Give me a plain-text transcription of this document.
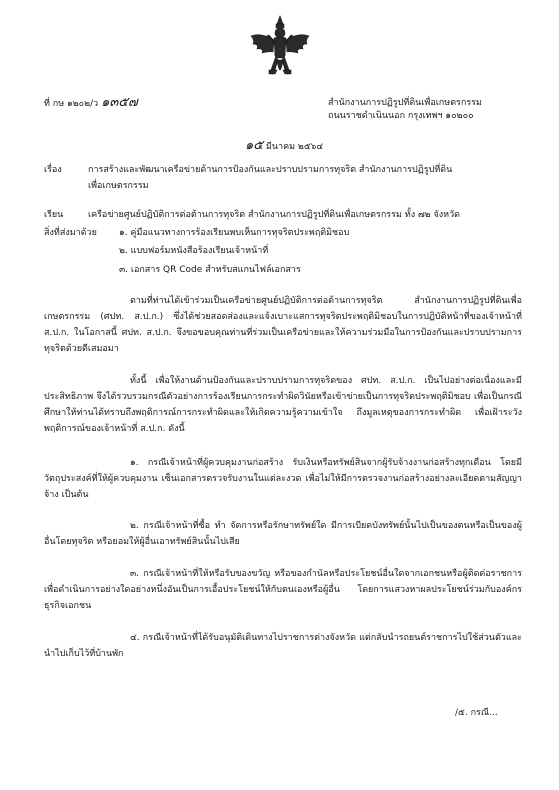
ที่ กษ ๑๒๐๒/ว ๑๓๕๗	สำนักงานการปฏิรูปที่ดินเพื่อเกษตรกรรม
ถนนราชดำเนินนอก กรุงเทพฯ ๑๐๒๐๐
๑๕ มีนาคม ๒๕๖๔
เรื่อง	การสร้างและพัฒนาเครือข่ายด้านการป้องกันและปราบปรามการทุจริต สำนักงานการปฏิรูปที่ดิน
เพื่อเกษตรกรรม
เรียน	เครือข่ายศูนย์ปฏิบัติการต่อต้านการทุจริต สำนักงานการปฏิรูปที่ดินเพื่อเกษตรกรรม ทั้ง ๗๒ จังหวัด
สิ่งที่ส่งมาด้วย ๑. คู่มือแนวทางการร้องเรียนพบเห็นการทุจริตประพฤติมิชอบ
๒. แบบฟอร์มหนังสือร้องเรียนเจ้าหน้าที่
๓. เอกสาร QR Code สำหรับสแกนไฟล์เอกสาร
ตามที่ท่านได้เข้าร่วมเป็นเครือข่ายศูนย์ปฏิบัติการต่อต้านการทุจริต สำนักงานการปฏิรูปที่ดินเพื่อเกษตรกรรม (ศปท. ส.ป.ก.) ซึ่งได้ช่วยสอดส่องและแจ้งเบาะแสการทุจริตประพฤติมิชอบในการปฏิบัติหน้าที่ของเจ้าหน้าที่ ส.ป.ก. ในโอกาสนี้ ศปท. ส.ป.ก. จึงขอขอบคุณท่านที่ร่วมเป็นเครือข่ายและให้ความร่วมมือในการป้องกันและปราบปรามการทุจริตด้วยดีเสมอมา
ทั้งนี้ เพื่อให้งานด้านป้องกันและปราบปรามการทุจริตของ ศปท. ส.ป.ก. เป็นไปอย่างต่อเนื่องและมีประสิทธิภาพ จึงได้รวบรวมกรณีตัวอย่างการร้องเรียนการกระทำผิดวินัยหรือเข้าข่ายเป็นการทุจริตประพฤติมิชอบ เพื่อเป็นกรณีศึกษาให้ท่านได้ทราบถึงพฤติการณ์การกระทำผิดและให้เกิดความรู้ความเข้าใจ ถึงมูลเหตุของการกระทำผิด เพื่อเฝ้าระวังพฤติการณ์ของเจ้าหน้าที่ ส.ป.ก. ดังนี้
๑. กรณีเจ้าหน้าที่ผู้ควบคุมงานก่อสร้าง รับเงินหรือทรัพย์สินจากผู้รับจ้างงานก่อสร้างทุกเดือน โดยมีวัตถุประสงค์ที่ให้ผู้ควบคุมงาน เซ็นเอกสารตรวจรับงานในแต่ละงวด เพื่อไม่ให้มีการตรวจงานก่อสร้างอย่างละเอียดตามสัญญาจ้าง เป็นต้น
๒. กรณีเจ้าหน้าที่ซื้อ ทำ จัดการหรือรักษาทรัพย์ใด มีการเบียดบังทรัพย์นั้นไปเป็นของตนหรือเป็นของผู้อื่นโดยทุจริต หรือยอมให้ผู้อื่นเอาทรัพย์สินนั้นไปเสีย
๓. กรณีเจ้าหน้าที่ให้หรือรับของขวัญ หรือของกำนัลหรือประโยชน์อื่นใดจากเอกชนหรือผู้ติดต่อราชการ เพื่อดำเนินการอย่างใดอย่างหนึ่งอันเป็นการเอื้อประโยชน์ให้กับตนเองหรือผู้อื่น โดยการแสวงหาผลประโยชน์ร่วมกับองค์กรธุรกิจเอกชน
๔. กรณีเจ้าหน้าที่ได้รับอนุมัติเดินทางไปราชการต่างจังหวัด แต่กลับนำรถยนต์ราชการไปใช้ส่วนตัวและนำไปเก็บไว้ที่บ้านพัก
/๕. กรณี...
